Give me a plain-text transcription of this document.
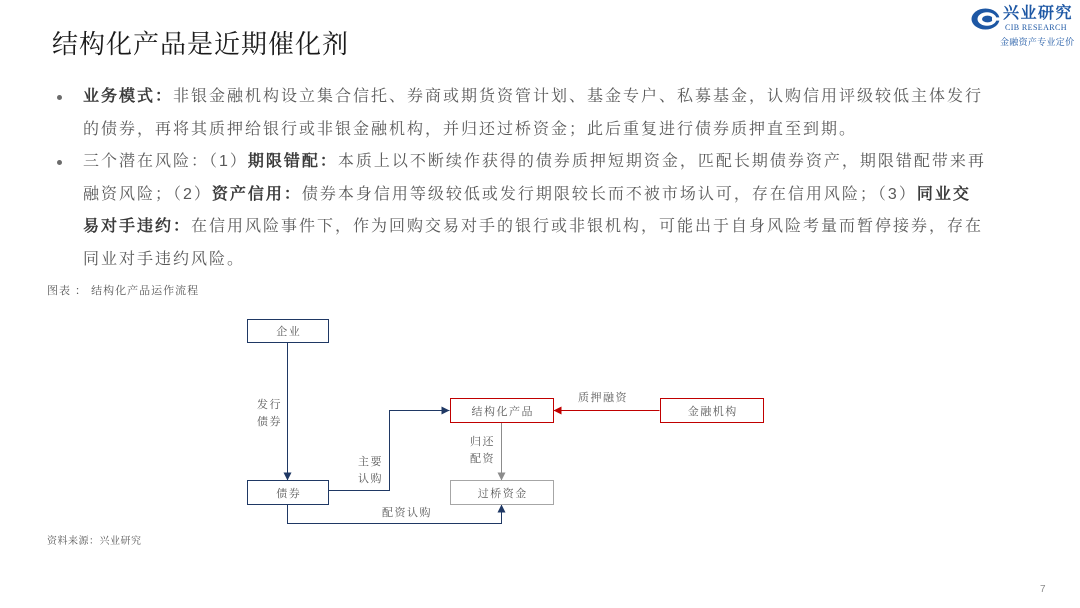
结构化产品是近期催化剂
兴业研究
CIB RESEARCH
金融资产专业定价
业务模式：非银金融机构设立集合信托、券商或期货资管计划、基金专户、私募基金，认购信用评级较低主体发行
的债券，再将其质押给银行或非银金融机构，并归还过桥资金；此后重复进行债券质押直至到期。
三个潜在风险：（1）期限错配：本质上以不断续作获得的债券质押短期资金，匹配长期债券资产，期限错配带来再
融资风险；（2）资产信用：债券本身信用等级较低或发行期限较长而不被市场认可，存在信用风险；（3）同业交
易对手违约：在信用风险事件下，作为回购交易对手的银行或非银机构，可能出于自身风险考量而暂停接券，存在
同业对手违约风险。
图表 ： 结构化产品运作流程
企业
债券
结构化产品	金融机构
过桥资金
发行
债券
主要
认购
配资认购
质押融资
归还
配资
资料来源：兴业研究
7
